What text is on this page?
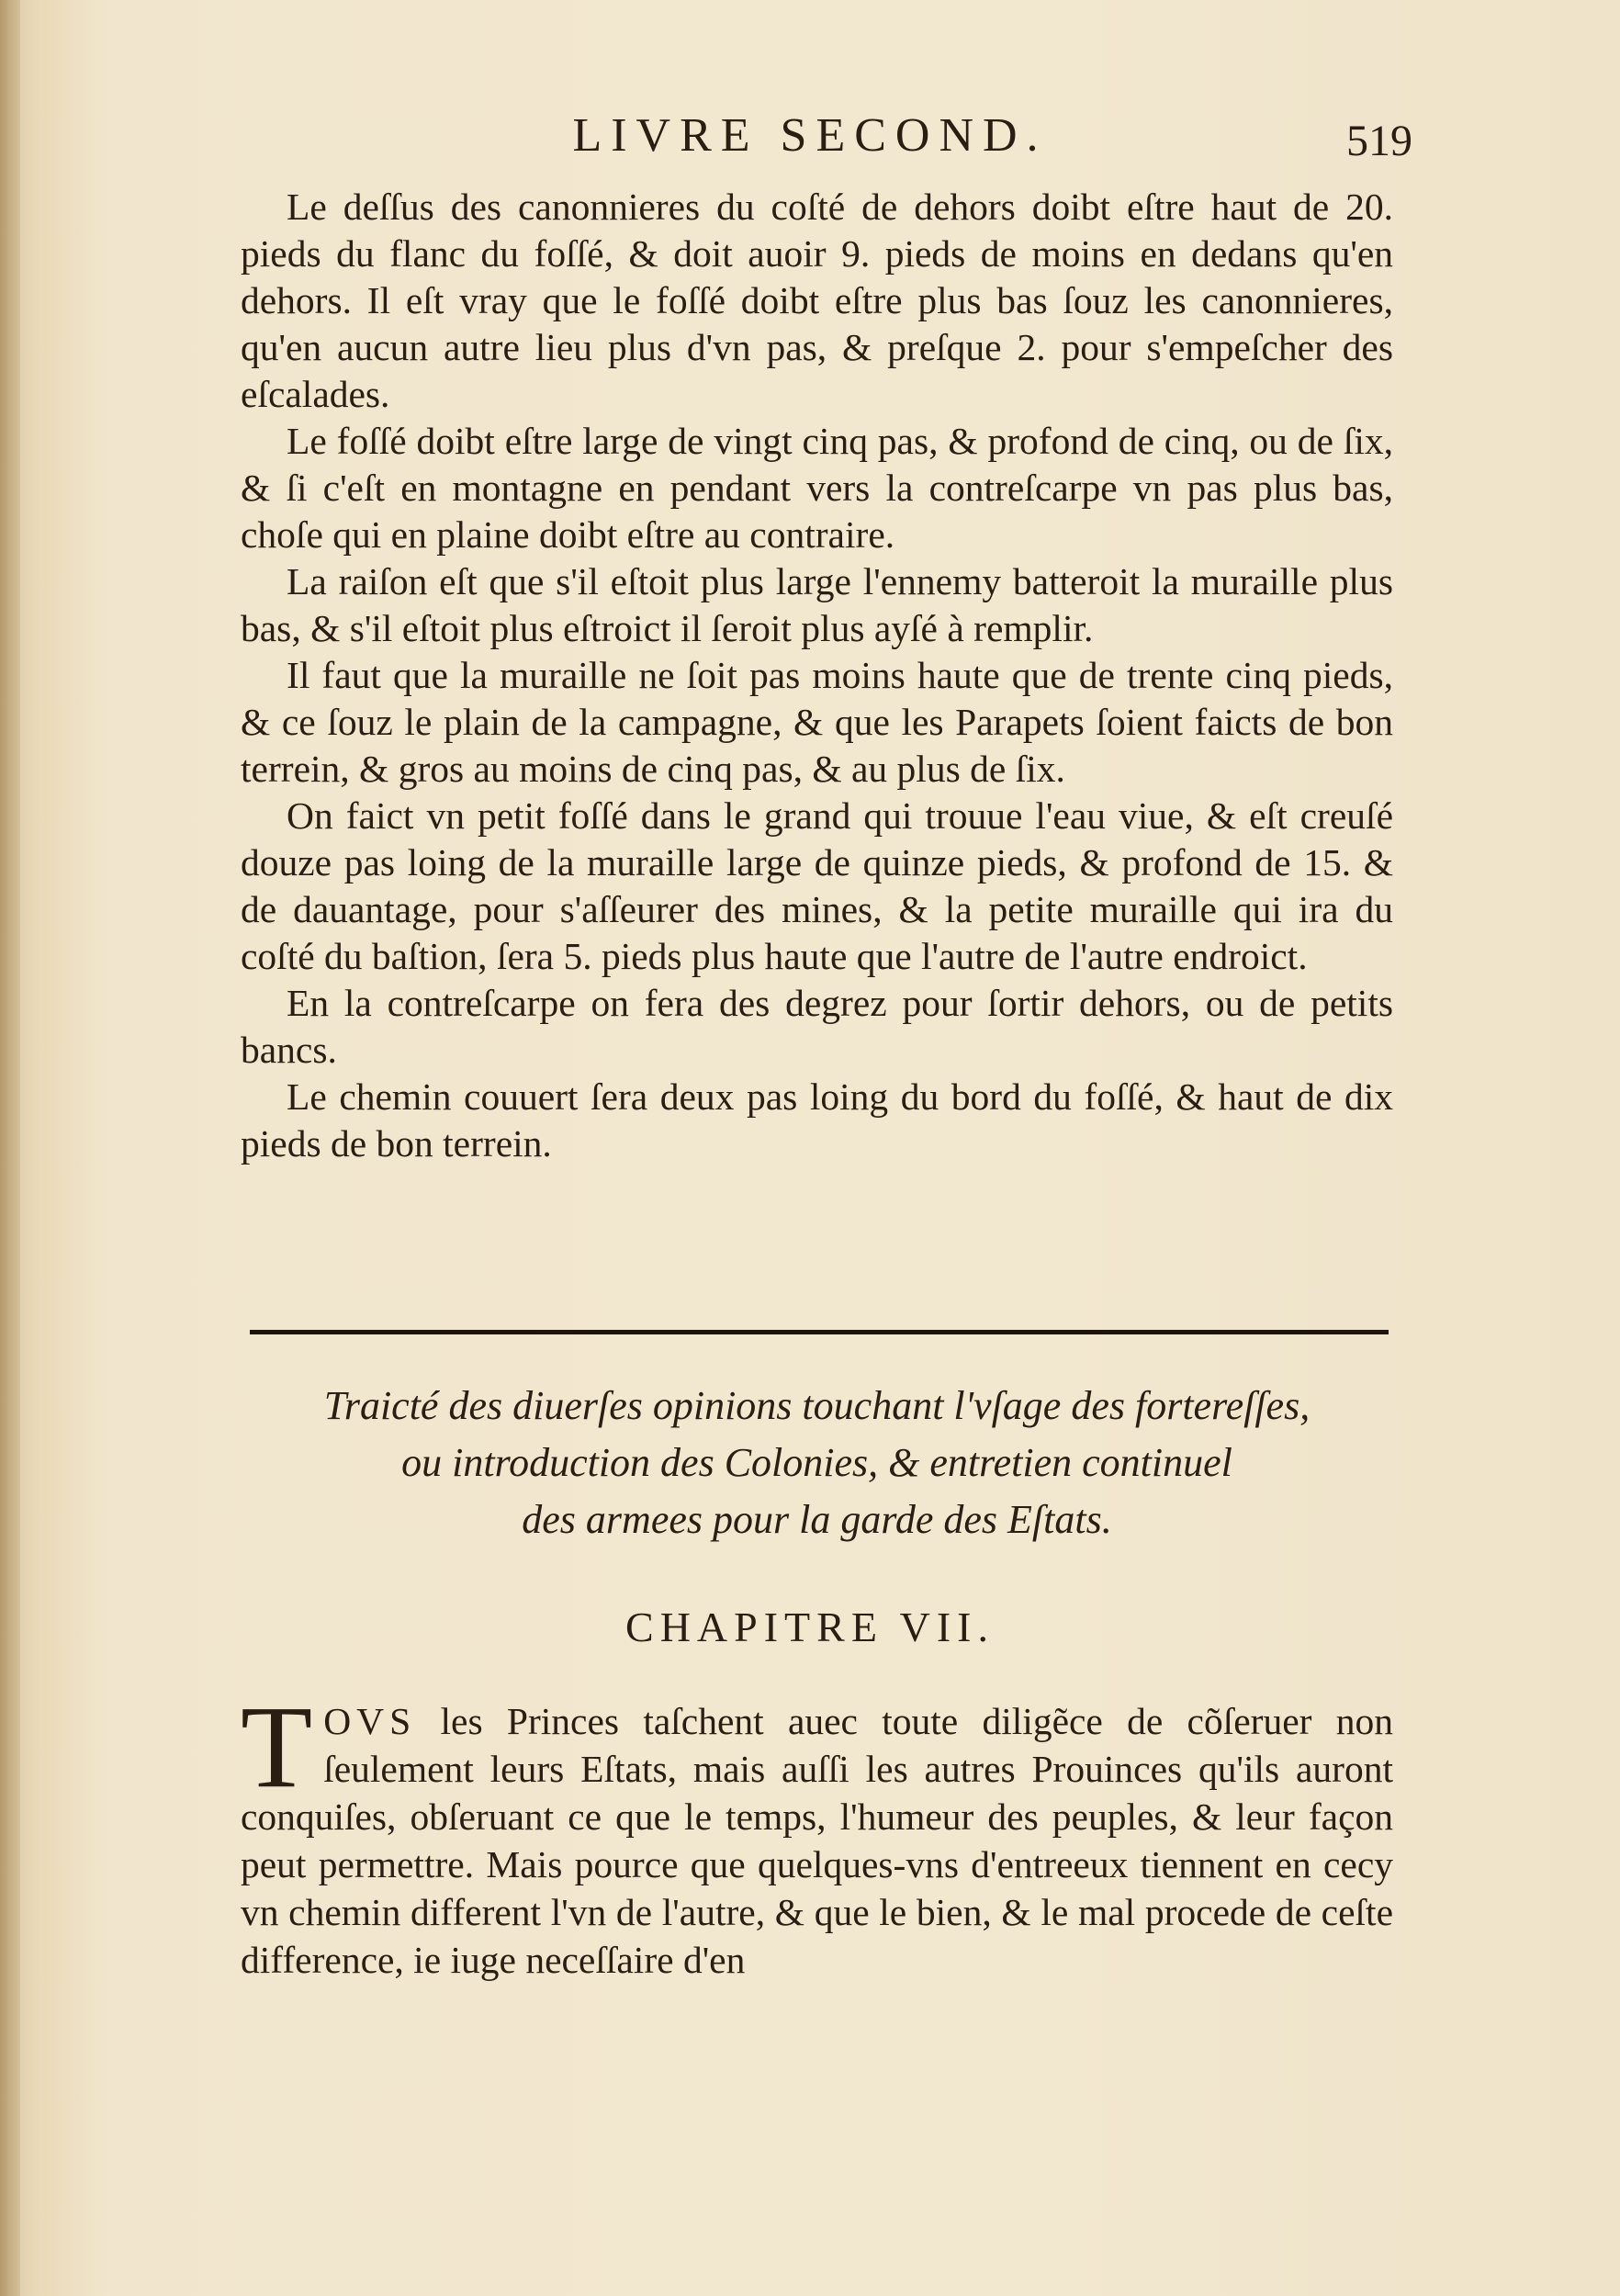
LIVRE SECOND.	519

Le deſſus des canonnieres du coſté de dehors doibt eſtre haut de 20. pieds du flanc du foſſé, & doit auoir 9. pieds de moins en dedans qu'en dehors. Il eſt vray que le foſſé doibt eſtre plus bas ſouz les canonnieres, qu'en aucun autre lieu plus d'vn pas, & preſque 2. pour s'empeſcher des eſcalades.

Le foſſé doibt eſtre large de vingt cinq pas, & profond de cinq, ou de ſix, & ſi c'eſt en montagne en pendant vers la contreſcarpe vn pas plus bas, choſe qui en plaine doibt eſtre au contraire.

La raiſon eſt que s'il eſtoit plus large l'ennemy batteroit la muraille plus bas, & s'il eſtoit plus eſtroict il ſeroit plus ayſé à remplir.

Il faut que la muraille ne ſoit pas moins haute que de trente cinq pieds, & ce ſouz le plain de la campagne, & que les Parapets ſoient faicts de bon terrein, & gros au moins de cinq pas, & au plus de ſix.

On faict vn petit foſſé dans le grand qui trouue l'eau viue, & eſt creuſé douze pas loing de la muraille large de quinze pieds, & profond de 15. & de dauantage, pour s'aſſeurer des mines, & la petite muraille qui ira du coſté du baſtion, ſera 5. pieds plus haute que l'autre de l'autre endroict.

En la contreſcarpe on fera des degrez pour ſortir dehors, ou de petits bancs.

Le chemin couuert ſera deux pas loing du bord du foſſé, & haut de dix pieds de bon terrein.

Traicté des diuerſes opinions touchant l'vſage des fortereſſes,
ou introduction des Colonies, & entretien continuel
des armees pour la garde des Eſtats.
CHAPITRE VII.
TOVS les Princes taſchent auec toute diligẽce de cõſeruer non ſeulement leurs Eſtats, mais auſſi les autres Prouinces qu'ils auront conquiſes, obſeruant ce que le temps, l'humeur des peuples, & leur façon peut permettre. Mais pource que quelques-vns d'entreeux tiennent en cecy vn chemin different l'vn de l'autre, & que le bien, & le mal procede de ceſte difference, ie iuge neceſſaire d'en
